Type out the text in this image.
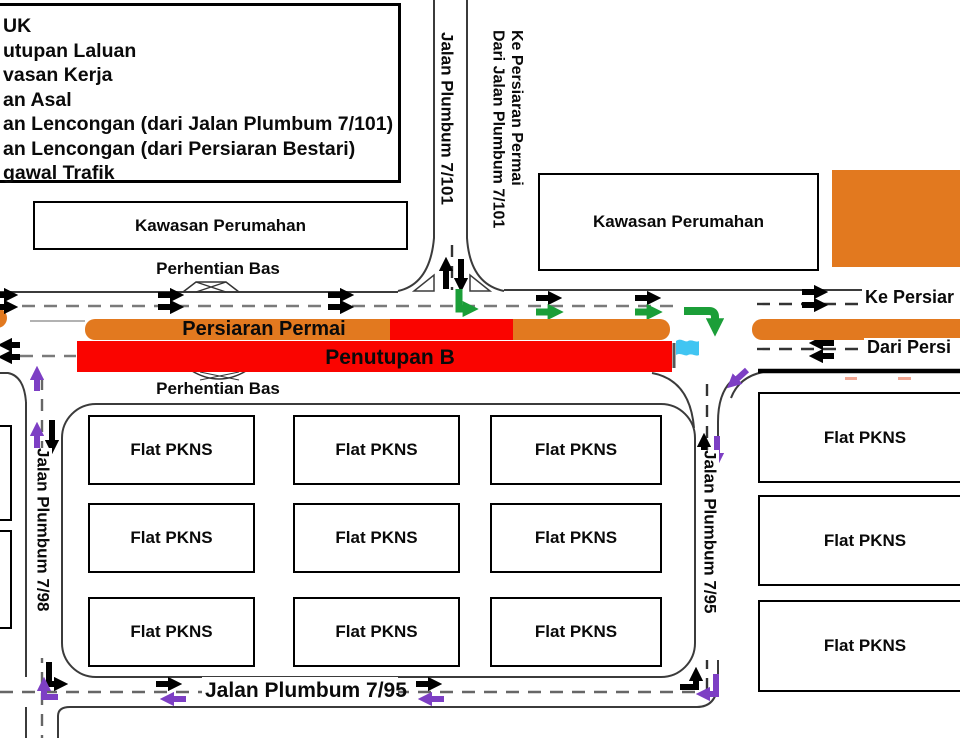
UK
utupan Laluan
vasan Kerja
an Asal
an Lencongan (dari Jalan Plumbum 7/101)
an Lencongan (dari Persiaran Bestari)
gawal Trafik
Kawasan Perumahan	Kawasan Perumahan
Flat PKNS	Flat PKNS	Flat PKNS
Flat PKNS	Flat PKNS	Flat PKNS
Flat PKNS	Flat PKNS	Flat PKNS
Flat PKNS
Flat PKNS
Flat PKNS
Perhentian Bas
Perhentian Bas
Persiaran Permai
Penutupan B
Ke Persiar
Dari Persi
Jalan Plumbum 7/101 Dari Jalan Plumbum 7/101 Ke Persiaran Permai
Jalan Plumbum 7/98	Jalan Plumbum 7/95
Jalan Plumbum 7/95
